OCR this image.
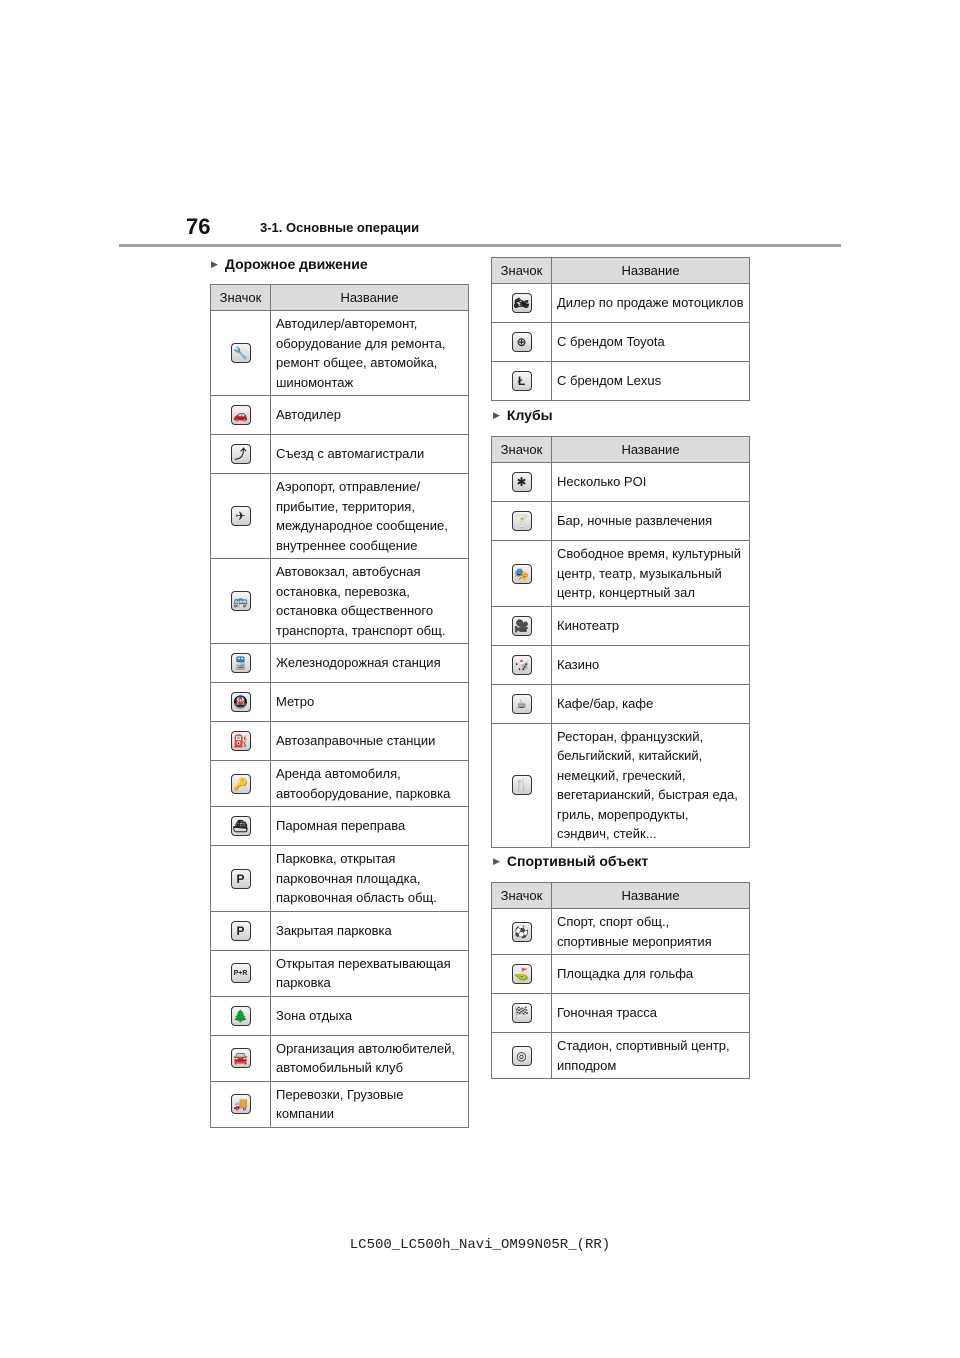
76	3-1. Основные операции
▶ Дорожное движение
Значок	Название

🔧	Автодилер/авторемонт, оборудование для ремонта, ремонт общее, автомойка, шиномонтаж

🚗	Автодилер

⤴	Съезд с автомагистрали

✈	Аэропорт, отправление/прибытие, территория, международное сообщение, внутреннее сообщение

🚌	Автовокзал, автобусная остановка, перевозка, остановка общественного транспорта, транспорт общ.

🚆	Железнодорожная станция

🚇	Метро

⛽	Автозаправочные станции

🔑	Аренда автомобиля, автооборудование, парковка

⛴	Паромная переправа

P	Парковка, открытая парковочная площадка, парковочная область общ.

P	Закрытая парковка

P+R	Открытая перехватывающая парковка

🌲	Зона отдыха

🚘	Организация автолюбителей, автомобильный клуб

🚚	Перевозки, Грузовые компании
Значок	Название

🏍	Дилер по продаже мотоциклов

⊕	С брендом Toyota

Ł	С брендом Lexus
▶ Клубы
Значок	Название

✱	Несколько POI

🍸	Бар, ночные развлечения

🎭	Свободное время, культурный центр, театр, музыкальный центр, концертный зал

🎥	Кинотеатр

🎲	Казино

☕	Кафе/бар, кафе

🍴	Ресторан, французский, бельгийский, китайский, немецкий, греческий, вегетарианский, быстрая еда, гриль, морепродукты, сэндвич, стейк...
▶ Спортивный объект
Значок	Название

⚽	Спорт, спорт общ., спортивные мероприятия

⛳	Площадка для гольфа

🏁	Гоночная трасса

◎	Стадион, спортивный центр, ипподром
LC500_LC500h_Navi_OM99N05R_(RR)
